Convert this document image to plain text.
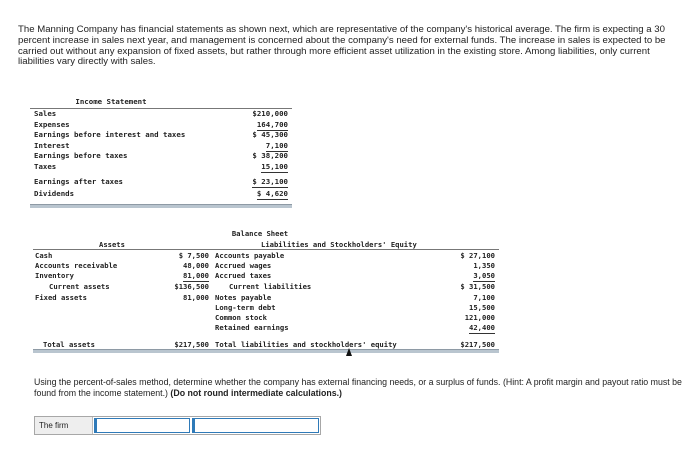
The Manning Company has financial statements as shown next, which are representative of the company's historical average. The firm is expecting a 30 percent increase in sales next year, and management is concerned about the company's need for external funds. The increase in sales is expected to be carried out without any expansion of fixed assets, but rather through more efficient asset utilization in the existing store. Among liabilities, only current liabilities vary directly with sales.
Income Statement
Sales	$210,000
Expenses	164,700
Earnings before interest and taxes	$ 45,300
Interest	7,100
Earnings before taxes	$ 38,200
Taxes	15,100
Earnings after taxes	$ 23,100
Dividends	$ 4,620
Balance Sheet
Assets	Liabilities and Stockholders' Equity
Cash	$ 7,500
Accounts receivable	48,000
Inventory	81,000
Current assets	$136,500
Fixed assets	81,000
Total assets	$217,500
Accounts payable	$ 27,100
Accrued wages	1,350
Accrued taxes	3,050
Current liabilities	$ 31,500
Notes payable	7,100
Long-term debt	15,500
Common stock	121,000
Retained earnings	42,400
Total liabilities and stockholders' equity	$217,500
Using the percent-of-sales method, determine whether the company has external financing needs, or a surplus of funds. (Hint: A profit margin and payout ratio must be found from the income statement.) (Do not round intermediate calculations.)
The firm
